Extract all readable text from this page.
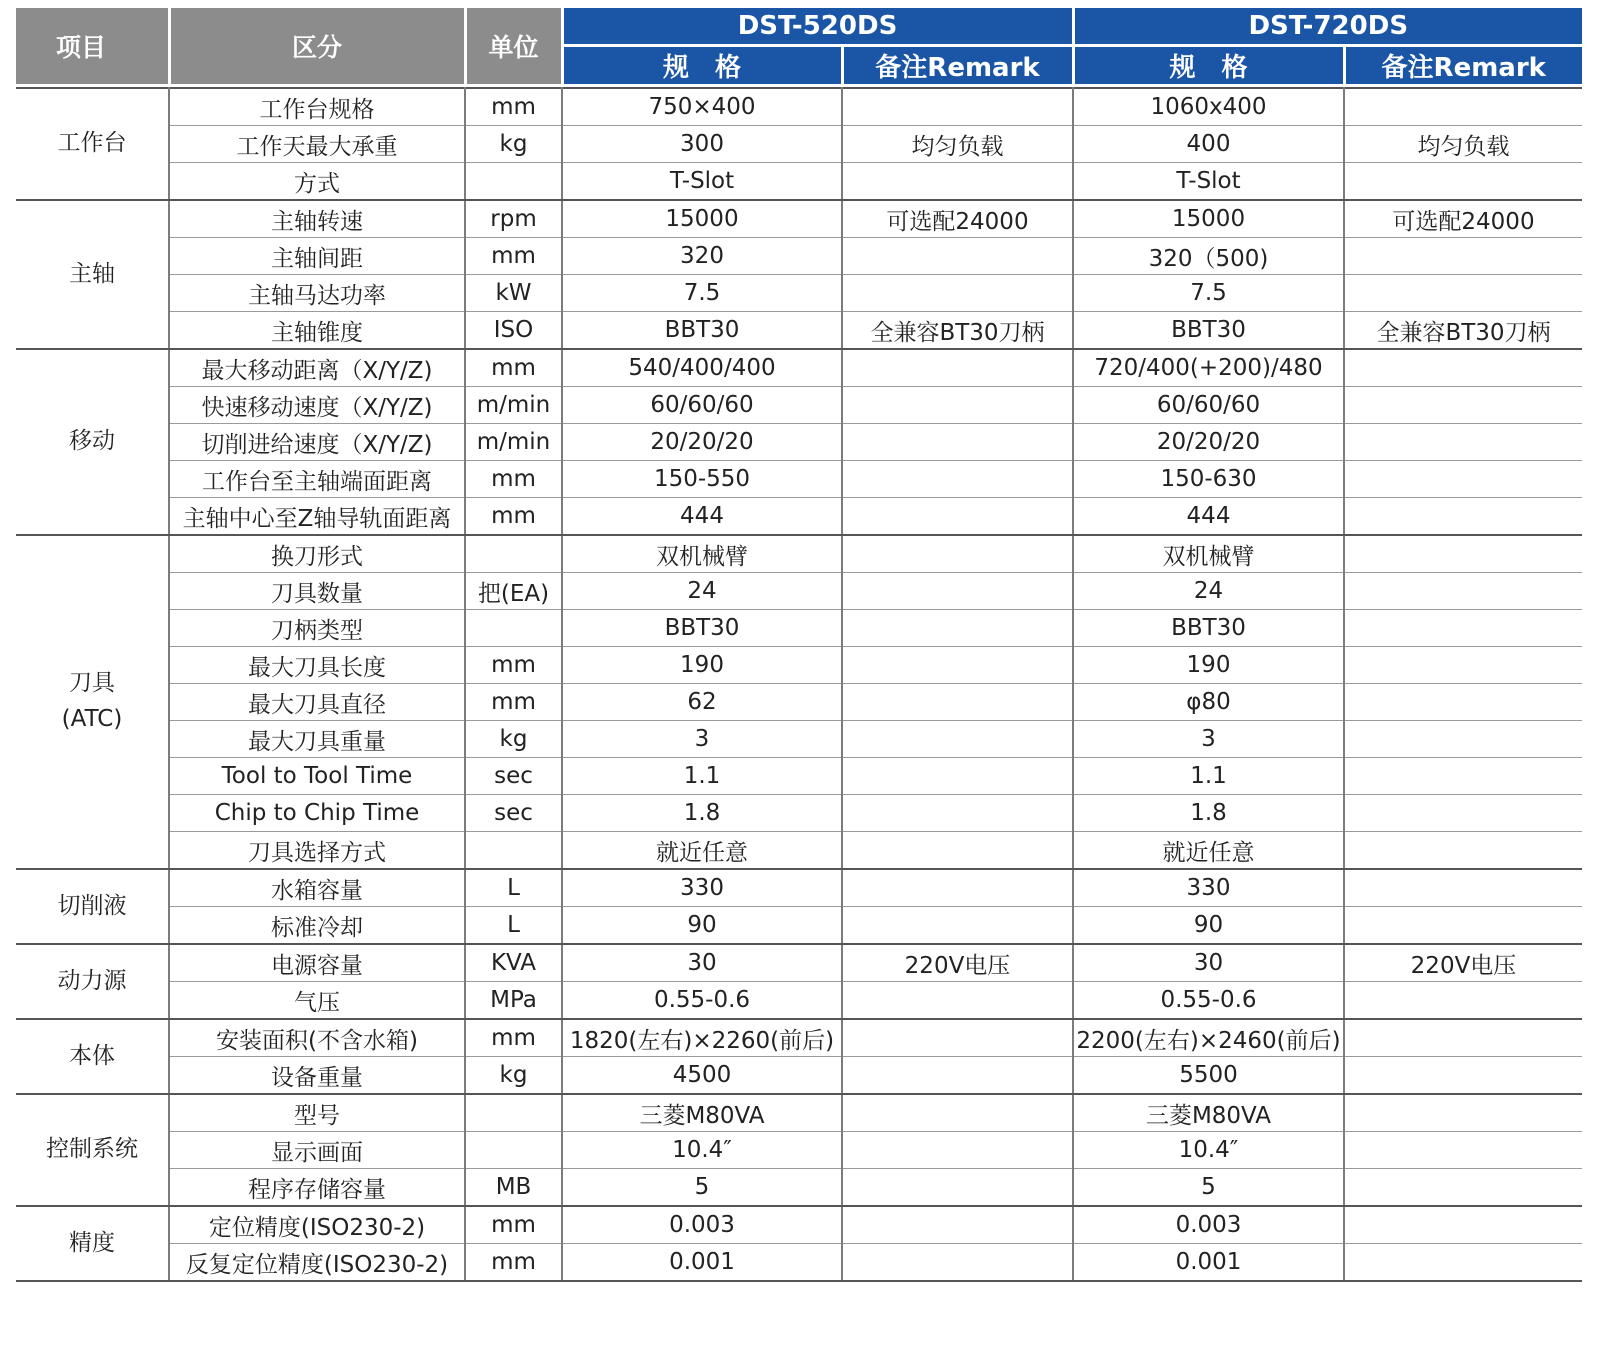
项目	区分	单位	DST-520DS		DST-720DS	
			规　格	备注Remark	规　格	备注Remark

工作台	工作台规格	mm	750×400		1060x400	
	工作天最大承重	kg	300	均匀负载	400	均匀负载
	方式		T-Slot		T-Slot	
主轴	主轴转速	rpm	15000	可选配24000	15000	可选配24000
	主轴间距	mm	320		320（500)	
	主轴马达功率	kW	7.5		7.5	
	主轴锥度	ISO	BBT30	全兼容BT30刀柄	BBT30	全兼容BT30刀柄
移动	最大移动距离（X/Y/Z)	mm	540/400/400		720/400(+200)/480	
	快速移动速度（X/Y/Z)	m/min	60/60/60		60/60/60	
	切削进给速度（X/Y/Z)	m/min	20/20/20		20/20/20	
	工作台至主轴端面距离	mm	150-550		150-630	
	主轴中心至Z轴导轨面距离	mm	444		444	
刀具
(ATC)	换刀形式		双机械臂		双机械臂	
	刀具数量	把(EA)	24		24	
	刀柄类型		BBT30		BBT30	
	最大刀具长度	mm	190		190	
	最大刀具直径	mm	62		φ80	
	最大刀具重量	kg	3		3	
	Tool to Tool Time	sec	1.1		1.1	
	Chip to Chip Time	sec	1.8		1.8	
	刀具选择方式		就近任意		就近任意	
切削液	水箱容量	L	330		330	
	标准冷却	L	90		90	
动力源	电源容量	KVA	30	220V电压	30	220V电压
	气压	MPa	0.55-0.6		0.55-0.6	
本体	安装面积(不含水箱)	mm	1820(左右)×2260(前后)		2200(左右)×2460(前后)	
	设备重量	kg	4500		5500	
控制系统	型号		三菱M80VA		三菱M80VA	
	显示画面		10.4″		10.4″	
	程序存储容量	MB	5		5	
精度	定位精度(ISO230-2)	mm	0.003		0.003	
	反复定位精度(ISO230-2)	mm	0.001		0.001	
